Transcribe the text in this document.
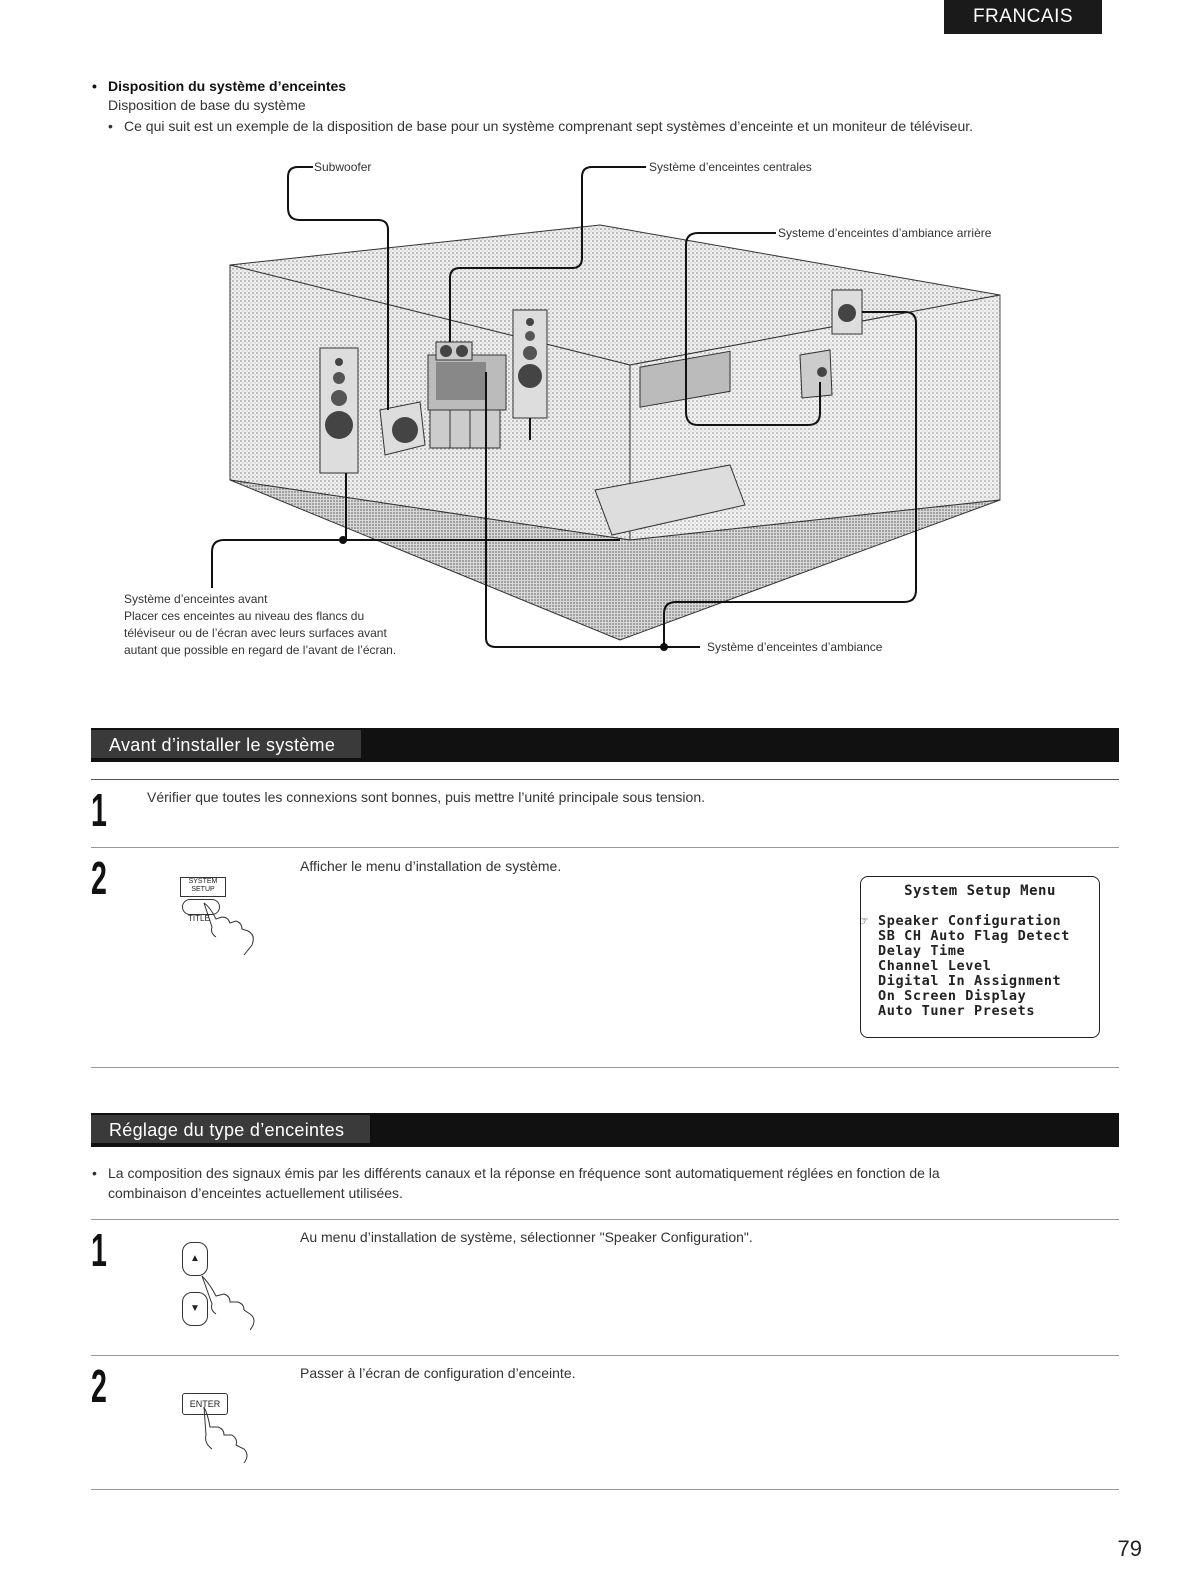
FRANCAIS
• Disposition du système d’enceintes
Disposition de base du système
• Ce qui suit est un exemple de la disposition de base pour un système comprenant sept systèmes d’enceinte et un moniteur de téléviseur.
Subwoofer	Système d’enceintes centrales
Systeme d’enceintes d’ambiance arrière
Système d’enceintes d’ambiance
Système d’enceintes avant
Placer ces enceintes au niveau des flancs du
téléviseur ou de l’écran avec leurs surfaces avant
autant que possible en regard de l’avant de l’écran.
Avant d’installer le système
1	Vérifier que toutes les connexions sont bonnes, puis mettre l’unité principale sous tension.
2	SYSTEM
SETUP
TITLE
Afficher le menu d’installation de système.
System Setup Menu
☞ Speaker Configuration
SB CH Auto Flag Detect
Delay Time
Channel Level
Digital In Assignment
On Screen Display
Auto Tuner Presets
Réglage du type d’enceintes
• La composition des signaux émis par les différents canaux et la réponse en fréquence sont automatiquement réglées en fonction de la
combinaison d’enceintes actuellement utilisées.
1	▲
▼
Au menu d’installation de système, sélectionner "Speaker Configuration".
2	ENTER
Passer à l’écran de configuration d’enceinte.
79
